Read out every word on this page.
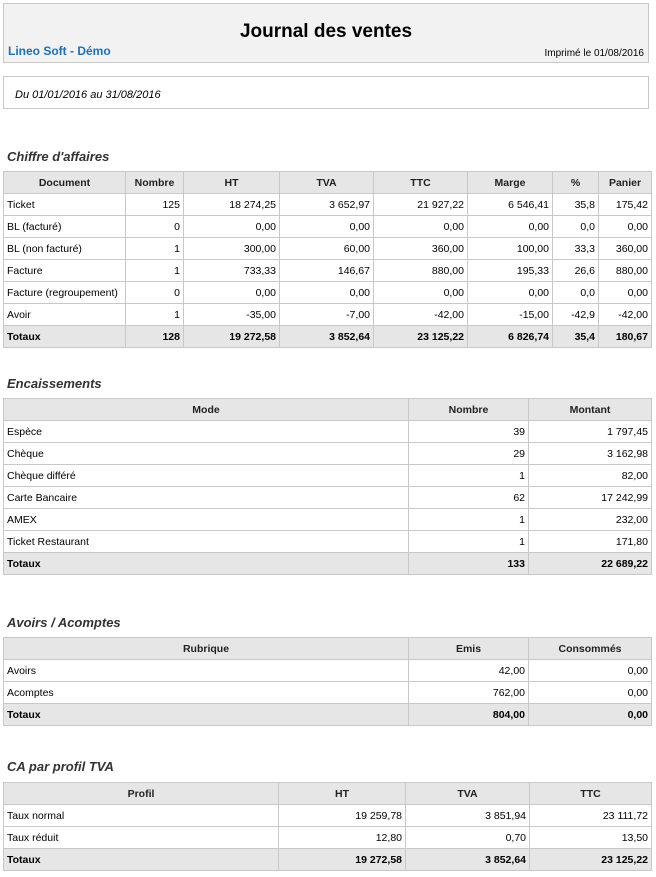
Journal des ventes
Lineo Soft - Démo	Imprimé le 01/08/2016
Du 01/01/2016 au 31/08/2016
Chiffre d'affaires
Document	Nombre	HT	TVA	TTC	Marge	%	Panier
Ticket	125	18 274,25	3 652,97	21 927,22	6 546,41	35,8	175,42
BL (facturé)	0	0,00	0,00	0,00	0,00	0,0	0,00
BL (non facturé)	1	300,00	60,00	360,00	100,00	33,3	360,00
Facture	1	733,33	146,67	880,00	195,33	26,6	880,00
Facture (regroupement)	0	0,00	0,00	0,00	0,00	0,0	0,00
Avoir	1	-35,00	-7,00	-42,00	-15,00	-42,9	-42,00
Totaux	128	19 272,58	3 852,64	23 125,22	6 826,74	35,4	180,67
Encaissements
Mode	Nombre	Montant
Espèce	39	1 797,45
Chèque	29	3 162,98
Chèque différé	1	82,00
Carte Bancaire	62	17 242,99
AMEX	1	232,00
Ticket Restaurant	1	171,80
Totaux	133	22 689,22
Avoirs / Acomptes
Rubrique	Emis	Consommés
Avoirs	42,00	0,00
Acomptes	762,00	0,00
Totaux	804,00	0,00
CA par profil TVA
Profil	HT	TVA	TTC
Taux normal	19 259,78	3 851,94	23 111,72
Taux réduit	12,80	0,70	13,50
Totaux	19 272,58	3 852,64	23 125,22
